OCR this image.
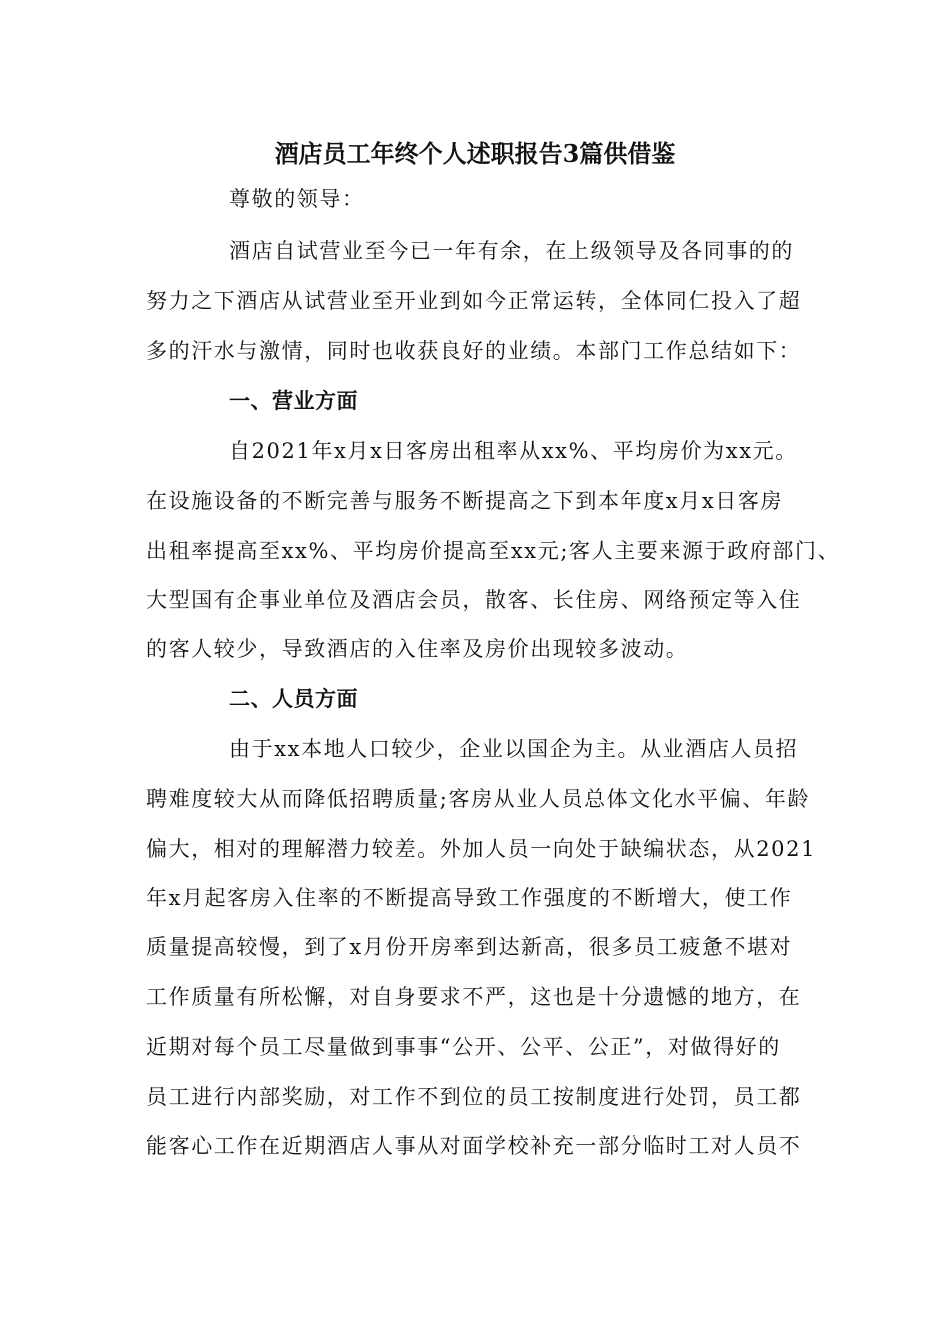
酒店员工年终个人述职报告3篇供借鉴
尊敬的领导：
酒店自试营业至今已一年有余，在上级领导及各同事的的
努力之下酒店从试营业至开业到如今正常运转，全体同仁投入了超
多的汗水与激情，同时也收获良好的业绩。本部门工作总结如下：
一、营业方面
自2021年x月x日客房出租率从xx%、平均房价为xx元。
在设施设备的不断完善与服务不断提高之下到本年度x月x日客房
出租率提高至xx%、平均房价提高至xx元;客人主要来源于政府部门、
大型国有企事业单位及酒店会员，散客、长住房、网络预定等入住
的客人较少，导致酒店的入住率及房价出现较多波动。
二、人员方面
由于xx本地人口较少，企业以国企为主。从业酒店人员招
聘难度较大从而降低招聘质量;客房从业人员总体文化水平偏、年龄
偏大，相对的理解潜力较差。外加人员一向处于缺编状态，从2021
年x月起客房入住率的不断提高导致工作强度的不断增大，使工作
质量提高较慢，到了x月份开房率到达新高，很多员工疲惫不堪对
工作质量有所松懈，对自身要求不严，这也是十分遗憾的地方，在
近期对每个员工尽量做到事事“公开、公平、公正”，对做得好的
员工进行内部奖励，对工作不到位的员工按制度进行处罚，员工都
能客心工作在近期酒店人事从对面学校补充一部分临时工对人员不
